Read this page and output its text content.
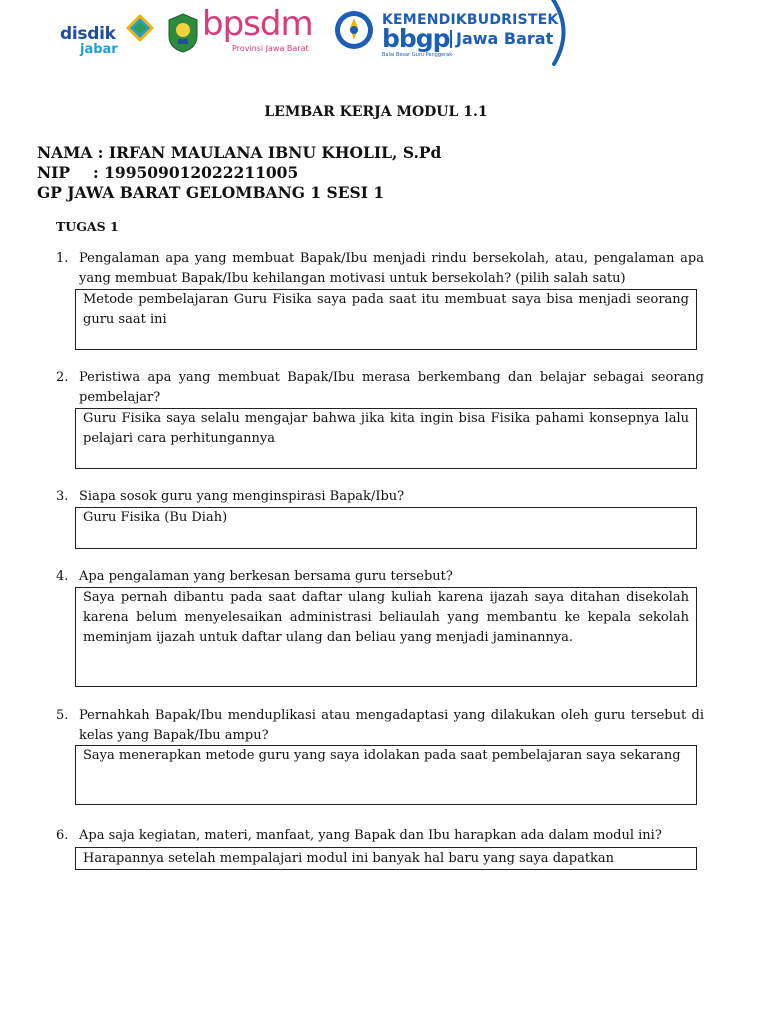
disdik
jabar
bpsdm
Provinsi Jawa Barat
KEMENDIKBUDRISTEK
bbgp Jawa Barat
Balai Besar Guru Penggerak
LEMBAR KERJA MODUL 1.1
NAMA : IRFAN MAULANA IBNU KHOLIL, S.Pd
NIP : 199509012022211005
GP JAWA BARAT GELOMBANG 1 SESI 1
TUGAS 1
1. Pengalaman apa yang membuat Bapak/Ibu menjadi rindu bersekolah, atau, pengalaman apa yang membuat Bapak/Ibu kehilangan motivasi untuk bersekolah? (pilih salah satu)
Metode pembelajaran Guru Fisika saya pada saat itu membuat saya bisa menjadi seorang guru saat ini
2. Peristiwa apa yang membuat Bapak/Ibu merasa berkembang dan belajar sebagai seorang pembelajar?
Guru Fisika saya selalu mengajar bahwa jika kita ingin bisa Fisika pahami konsepnya lalu pelajari cara perhitungannya
3. Siapa sosok guru yang menginspirasi Bapak/Ibu?
Guru Fisika (Bu Diah)
4. Apa pengalaman yang berkesan bersama guru tersebut?
Saya pernah dibantu pada saat daftar ulang kuliah karena ijazah saya ditahan disekolah karena belum menyelesaikan administrasi beliaulah yang membantu ke kepala sekolah meminjam ijazah untuk daftar ulang dan beliau yang menjadi jaminannya.
5. Pernahkah Bapak/Ibu menduplikasi atau mengadaptasi yang dilakukan oleh guru tersebut di kelas yang Bapak/Ibu ampu?
Saya menerapkan metode guru yang saya idolakan pada saat pembelajaran saya sekarang
6. Apa saja kegiatan, materi, manfaat, yang Bapak dan Ibu harapkan ada dalam modul ini?
Harapannya setelah mempalajari modul ini banyak hal baru yang saya dapatkan
